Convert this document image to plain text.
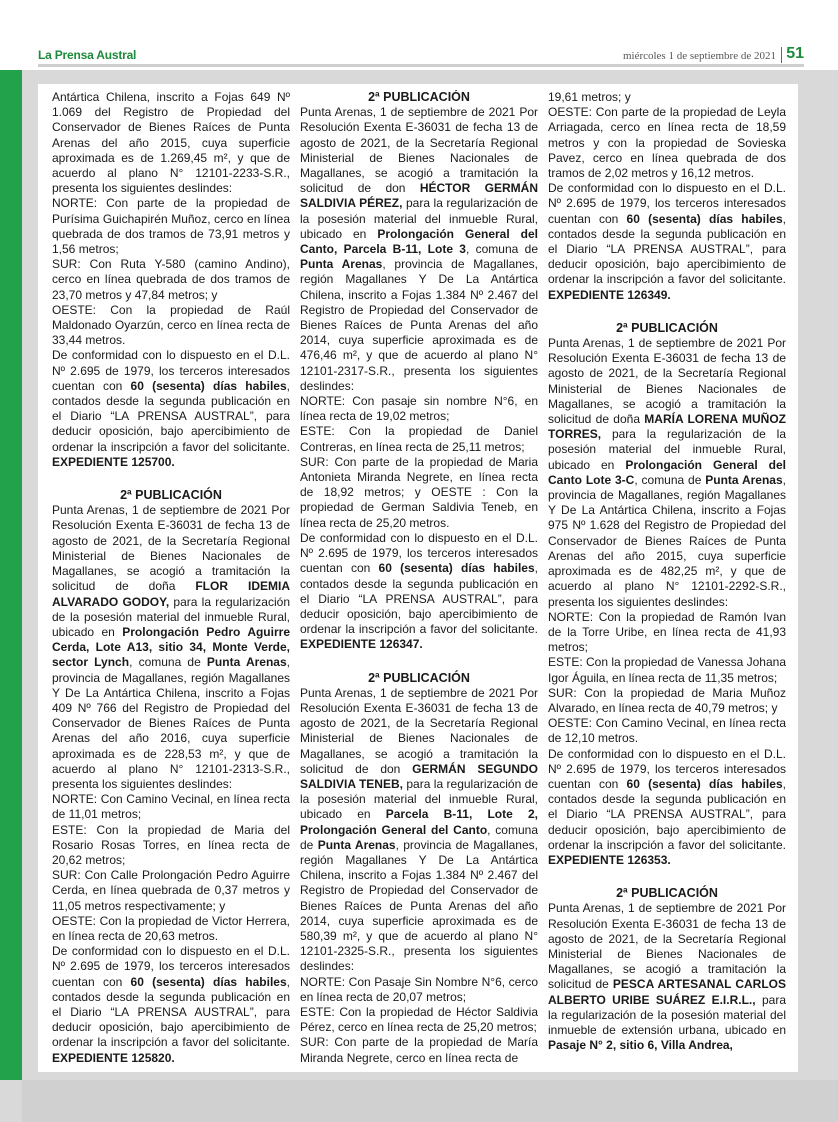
La Prensa Austral	miércoles 1 de septiembre de 2021 51

Antártica Chilena, inscrito a Fojas 649 Nº 1.069 del Registro de Propiedad del Conservador de Bienes Raíces de Punta Arenas del año 2015, cuya superficie aproximada es de 1.269,45 m², y que de acuerdo al plano N° 12101-2233-S.R., presenta los siguientes deslindes:

NORTE: Con parte de la propiedad de Purísima Guichapirén Muñoz, cerco en línea quebrada de dos tramos de 73,91 metros y 1,56 metros;

SUR: Con Ruta Y-580 (camino Andino), cerco en línea quebrada de dos tramos de 23,70 metros y 47,84 metros; y

OESTE: Con la propiedad de Raúl Maldonado Oyarzún, cerco en línea recta de 33,44 metros.

De conformidad con lo dispuesto en el D.L. Nº 2.695 de 1979, los terceros interesados cuentan con 60 (sesenta) días habiles, contados desde la segunda publicación en el Diario “LA PRENSA AUSTRAL”, para deducir oposición, bajo apercibimiento de ordenar la inscripción a favor del solicitante. EXPEDIENTE 125700.

2ª PUBLICACIÓN

Punta Arenas, 1 de septiembre de 2021 Por Resolución Exenta E-36031 de fecha 13 de agosto de 2021, de la Secretaría Regional Ministerial de Bienes Nacionales de Magallanes, se acogió a tramitación la solicitud de doña FLOR IDEMIA ALVARADO GODOY, para la regularización de la posesión material del inmueble Rural, ubicado en Prolongación Pedro Aguirre Cerda, Lote A13, sitio 34, Monte Verde, sector Lynch, comuna de Punta Arenas, provincia de Magallanes, región Magallanes Y De La Antártica Chilena, inscrito a Fojas 409 Nº 766 del Registro de Propiedad del Conservador de Bienes Raíces de Punta Arenas del año 2016, cuya superficie aproximada es de 228,53 m², y que de acuerdo al plano N° 12101-2313-S.R., presenta los siguientes deslindes:

NORTE: Con Camino Vecinal, en línea recta de 11,01 metros;

ESTE: Con la propiedad de Maria del Rosario Rosas Torres, en línea recta de 20,62 metros;

SUR: Con Calle Prolongación Pedro Aguirre Cerda, en línea quebrada de 0,37 metros y 11,05 metros respectivamente; y

OESTE: Con la propiedad de Victor Herrera, en línea recta de 20,63 metros.

De conformidad con lo dispuesto en el D.L. Nº 2.695 de 1979, los terceros interesados cuentan con 60 (sesenta) días habiles, contados desde la segunda publicación en el Diario “LA PRENSA AUSTRAL”, para deducir oposición, bajo apercibimiento de ordenar la inscripción a favor del solicitante. EXPEDIENTE 125820.

2ª PUBLICACIÓN

Punta Arenas, 1 de septiembre de 2021 Por Resolución Exenta E-36031 de fecha 13 de agosto de 2021, de la Secretaría Regional Ministerial de Bienes Nacionales de Magallanes, se acogió a tramitación la solicitud de don HÉCTOR GERMÁN SALDIVIA PÉREZ, para la regularización de la posesión material del inmueble Rural, ubicado en Prolongación General del Canto, Parcela B-11, Lote 3, comuna de Punta Arenas, provincia de Magallanes, región Magallanes Y De La Antártica Chilena, inscrito a Fojas 1.384 Nº 2.467 del Registro de Propiedad del Conservador de Bienes Raíces de Punta Arenas del año 2014, cuya superficie aproximada es de 476,46 m², y que de acuerdo al plano N° 12101-2317-S.R., presenta los siguientes deslindes:

NORTE: Con pasaje sin nombre N°6, en línea recta de 19,02 metros;

ESTE: Con la propiedad de Daniel Contreras, en línea recta de 25,11 metros;

SUR: Con parte de la propiedad de Maria Antonieta Miranda Negrete, en línea recta de 18,92 metros; y OESTE : Con la propiedad de German Saldivia Teneb, en línea recta de 25,20 metros.

De conformidad con lo dispuesto en el D.L. Nº 2.695 de 1979, los terceros interesados cuentan con 60 (sesenta) días habiles, contados desde la segunda publicación en el Diario “LA PRENSA AUSTRAL”, para deducir oposición, bajo apercibimiento de ordenar la inscripción a favor del solicitante. EXPEDIENTE 126347.

2ª PUBLICACIÓN

Punta Arenas, 1 de septiembre de 2021 Por Resolución Exenta E-36031 de fecha 13 de agosto de 2021, de la Secretaría Regional Ministerial de Bienes Nacionales de Magallanes, se acogió a tramitación la solicitud de don GERMÁN SEGUNDO SALDIVIA TENEB, para la regularización de la posesión material del inmueble Rural, ubicado en Parcela B-11, Lote 2, Prolongación General del Canto, comuna de Punta Arenas, provincia de Magallanes, región Magallanes Y De La Antártica Chilena, inscrito a Fojas 1.384 Nº 2.467 del Registro de Propiedad del Conservador de Bienes Raíces de Punta Arenas del año 2014, cuya superficie aproximada es de 580,39 m², y que de acuerdo al plano N° 12101-2325-S.R., presenta los siguientes deslindes:

NORTE: Con Pasaje Sin Nombre N°6, cerco en línea recta de 20,07 metros;

ESTE: Con la propiedad de Héctor Saldivia Pérez, cerco en línea recta de 25,20 metros;

SUR: Con parte de la propiedad de María Miranda Negrete, cerco en línea recta de

19,61 metros; y

OESTE: Con parte de la propiedad de Leyla Arriagada, cerco en línea recta de 18,59 metros y con la propiedad de Sovieska Pavez, cerco en línea quebrada de dos tramos de 2,02 metros y 16,12 metros.

De conformidad con lo dispuesto en el D.L. Nº 2.695 de 1979, los terceros interesados cuentan con 60 (sesenta) días habiles, contados desde la segunda publicación en el Diario “LA PRENSA AUSTRAL”, para deducir oposición, bajo apercibimiento de ordenar la inscripción a favor del solicitante. EXPEDIENTE 126349.

2ª PUBLICACIÓN

Punta Arenas, 1 de septiembre de 2021 Por Resolución Exenta E-36031 de fecha 13 de agosto de 2021, de la Secretaría Regional Ministerial de Bienes Nacionales de Magallanes, se acogió a tramitación la solicitud de doña MARÍA LORENA MUÑOZ TORRES, para la regularización de la posesión material del inmueble Rural, ubicado en Prolongación General del Canto Lote 3-C, comuna de Punta Arenas, provincia de Magallanes, región Magallanes Y De La Antártica Chilena, inscrito a Fojas 975 Nº 1.628 del Registro de Propiedad del Conservador de Bienes Raíces de Punta Arenas del año 2015, cuya superficie aproximada es de 482,25 m², y que de acuerdo al plano N° 12101-2292-S.R., presenta los siguientes deslindes:

NORTE: Con la propiedad de Ramón Ivan de la Torre Uribe, en línea recta de 41,93 metros;

ESTE: Con la propiedad de Vanessa Johana Igor Águila, en línea recta de 11,35 metros;

SUR: Con la propiedad de Maria Muñoz Alvarado, en línea recta de 40,79 metros; y

OESTE: Con Camino Vecinal, en línea recta de 12,10 metros.

De conformidad con lo dispuesto en el D.L. Nº 2.695 de 1979, los terceros interesados cuentan con 60 (sesenta) días habiles, contados desde la segunda publicación en el Diario “LA PRENSA AUSTRAL”, para deducir oposición, bajo apercibimiento de ordenar la inscripción a favor del solicitante. EXPEDIENTE 126353.

2ª PUBLICACIÓN

Punta Arenas, 1 de septiembre de 2021 Por Resolución Exenta E-36031 de fecha 13 de agosto de 2021, de la Secretaría Regional Ministerial de Bienes Nacionales de Magallanes, se acogió a tramitación la solicitud de PESCA ARTESANAL CARLOS ALBERTO URIBE SUÁREZ E.I.R.L., para la regularización de la posesión material del inmueble de extensión urbana, ubicado en Pasaje N° 2, sitio 6, Villa Andrea,
